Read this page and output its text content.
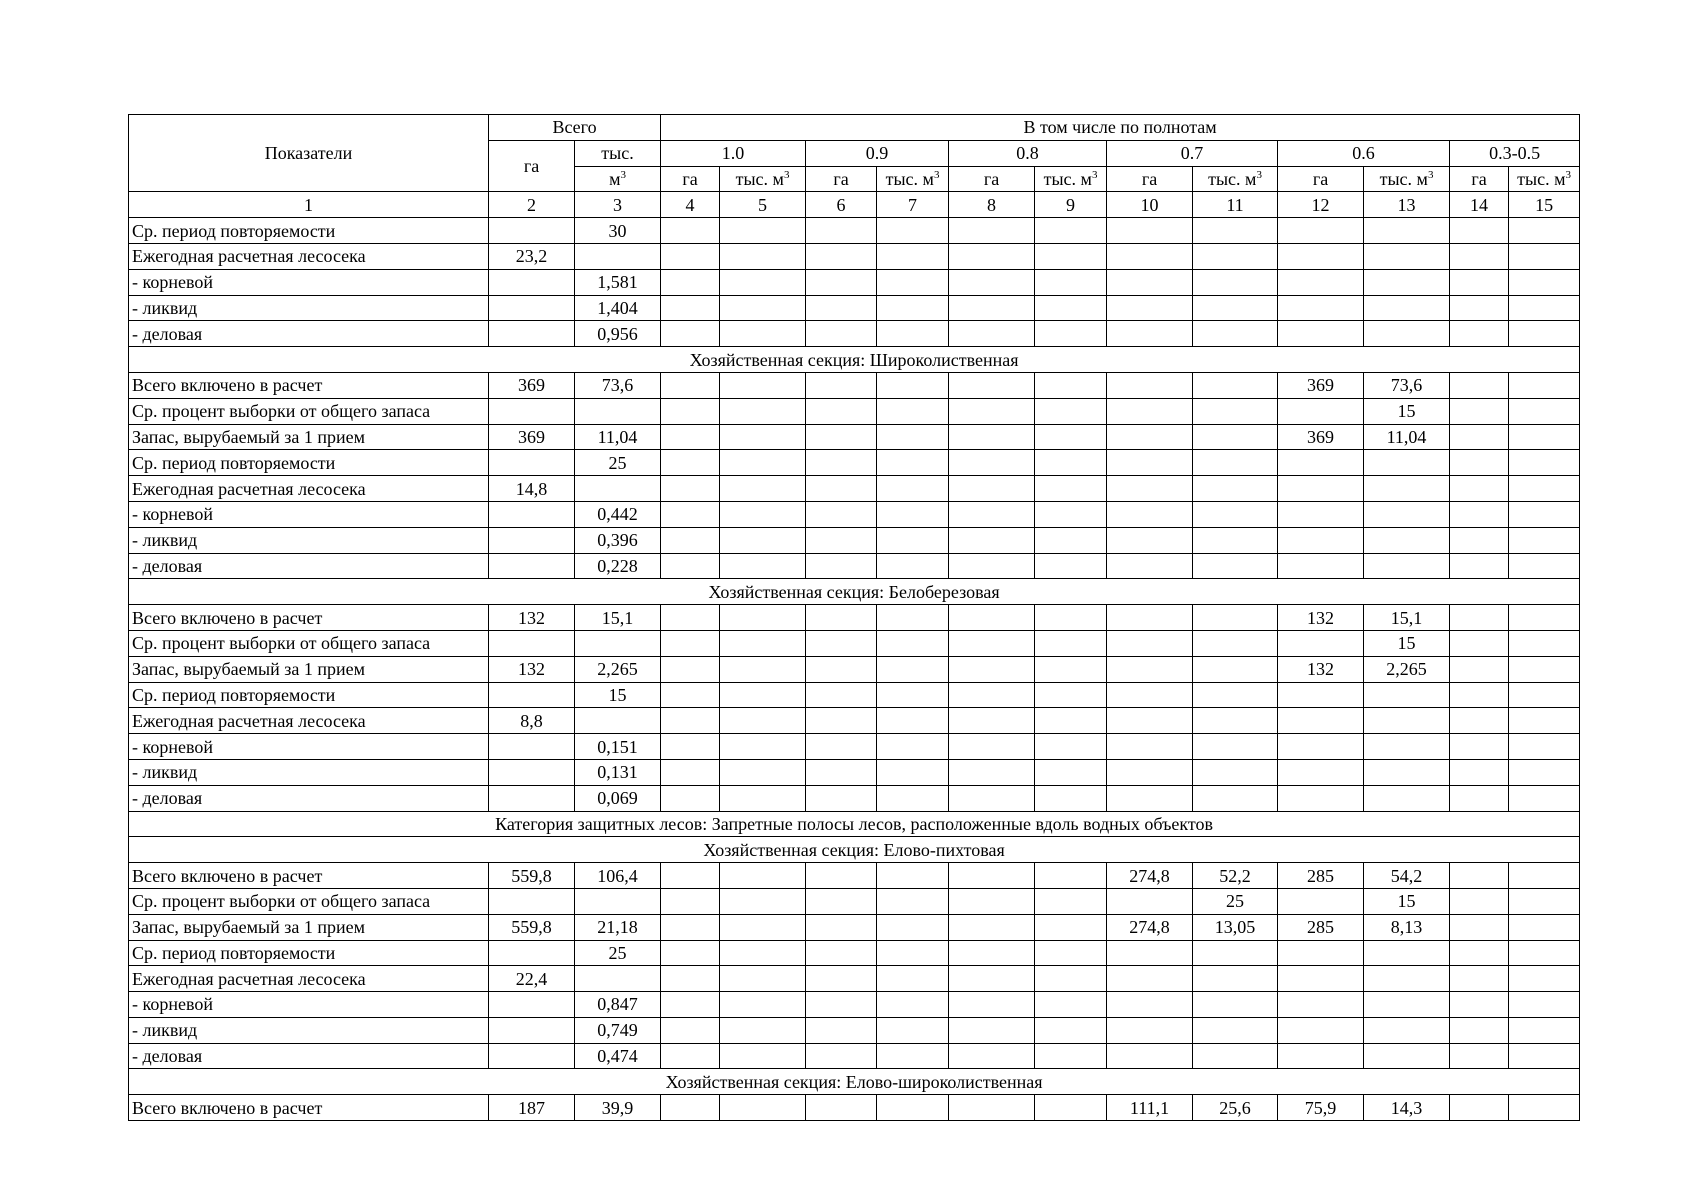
Показатели	Всего		В том числе по полнотам											
	га	тыс.	1.0		0.9		0.8		0.7		0.6		0.3-0.5	
		$м^3$	га	тыс. $м^3$	га	тыс. $м^3$	га	тыс. $м^3$	га	тыс. $м^3$	га	тыс. $м^3$	га	тыс. $м^3$
1	2	3	4	5	6	7	8	9	10	11	12	13	14	15
Ср. период повторяемости		30												
Ежегодная расчетная лесосека	23,2													
- корневой		1,581												
- ликвид		1,404												
- деловая		0,956												
Хозяйственная секция: Широколиственная														
Всего включено в расчет	369	73,6									369	73,6		
Ср. процент выборки от общего запаса												15		
Запас, вырубаемый за 1 прием	369	11,04									369	11,04		
Ср. период повторяемости		25												
Ежегодная расчетная лесосека	14,8													
- корневой		0,442												
- ликвид		0,396												
- деловая		0,228												
Хозяйственная секция: Белоберезовая														
Всего включено в расчет	132	15,1									132	15,1		
Ср. процент выборки от общего запаса												15		
Запас, вырубаемый за 1 прием	132	2,265									132	2,265		
Ср. период повторяемости		15												
Ежегодная расчетная лесосека	8,8													
- корневой		0,151												
- ликвид		0,131												
- деловая		0,069												
Категория защитных лесов: Запретные полосы лесов, расположенные вдоль водных объектов														
Хозяйственная секция: Елово-пихтовая														
Всего включено в расчет	559,8	106,4							274,8	52,2	285	54,2		
Ср. процент выборки от общего запаса										25		15		
Запас, вырубаемый за 1 прием	559,8	21,18							274,8	13,05	285	8,13		
Ср. период повторяемости		25												
Ежегодная расчетная лесосека	22,4													
- корневой		0,847												
- ликвид		0,749												
- деловая		0,474												
Хозяйственная секция: Елово-широколиственная														
Всего включено в расчет	187	39,9							111,1	25,6	75,9	14,3		
